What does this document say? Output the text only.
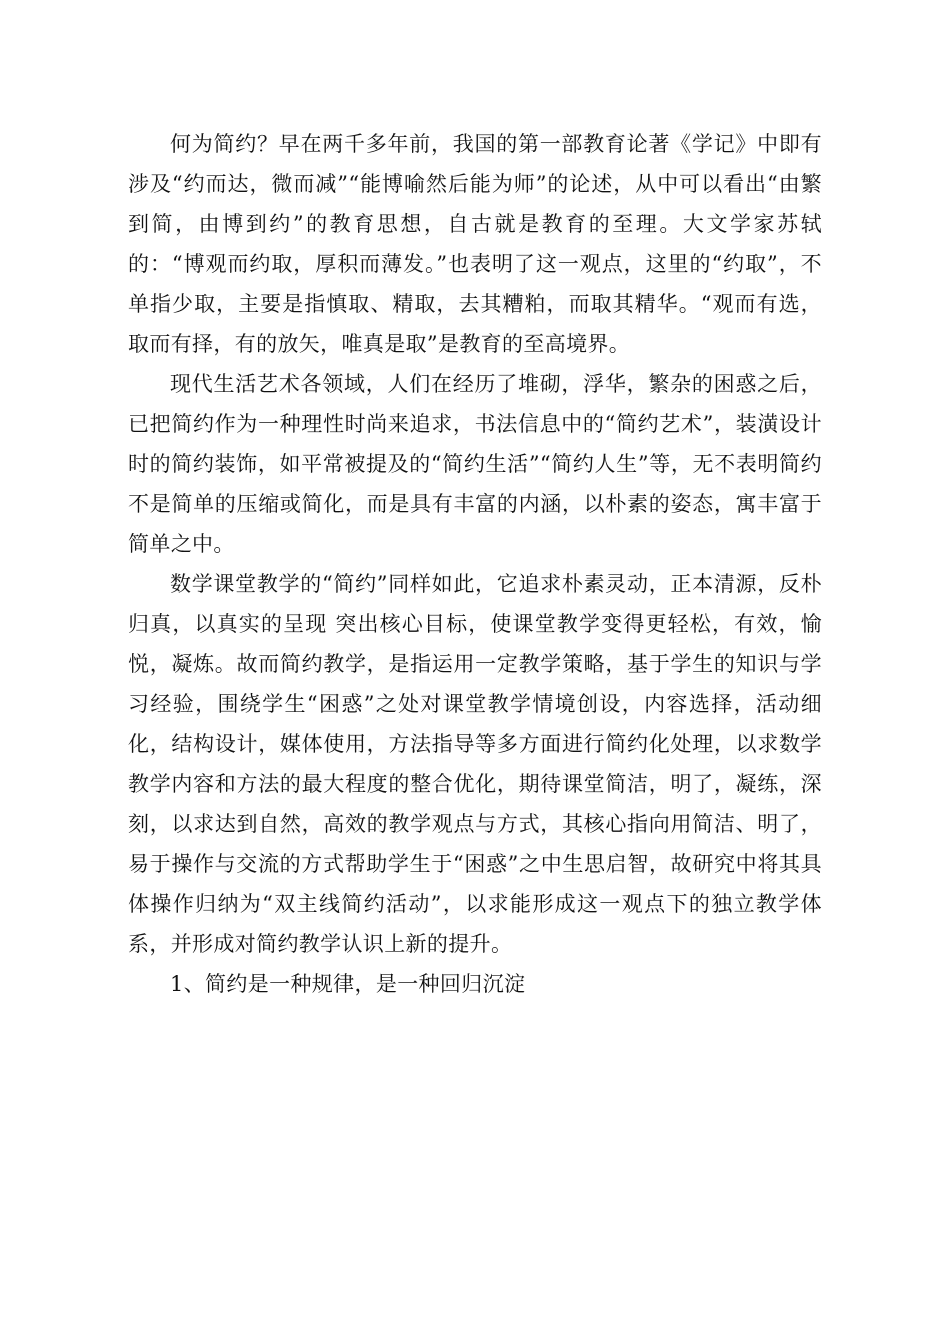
何为简约？早在两千多年前，我国的第一部教育论著《学记》中即有涉及“约而达，微而减”“能博喻然后能为师”的论述，从中可以看出“由繁到简，由博到约”的教育思想，自古就是教育的至理。大文学家苏轼的：“博观而约取，厚积而薄发。”也表明了这一观点，这里的“约取”，不单指少取，主要是指慎取、精取，去其糟粕，而取其精华。“观而有选，取而有择，有的放矢，唯真是取”是教育的至高境界。

现代生活艺术各领域，人们在经历了堆砌，浮华，繁杂的困惑之后，已把简约作为一种理性时尚来追求，书法信息中的“简约艺术”，装潢设计时的简约装饰，如平常被提及的“简约生活”“简约人生”等，无不表明简约不是简单的压缩或简化，而是具有丰富的内涵，以朴素的姿态，寓丰富于简单之中。

数学课堂教学的“简约”同样如此，它追求朴素灵动，正本清源，反朴归真，以真实的呈现 突出核心目标，使课堂教学变得更轻松，有效，愉悦，凝炼。故而简约教学，是指运用一定教学策略，基于学生的知识与学习经验，围绕学生“困惑”之处对课堂教学情境创设，内容选择，活动细化，结构设计，媒体使用，方法指导等多方面进行简约化处理，以求数学教学内容和方法的最大程度的整合优化，期待课堂简洁，明了，凝练，深刻，以求达到自然，高效的教学观点与方式，其核心指向用简洁、明了，易于操作与交流的方式帮助学生于“困惑”之中生思启智，故研究中将其具体操作归纳为“双主线简约活动”，以求能形成这一观点下的独立教学体系，并形成对简约教学认识上新的提升。

1、简约是一种规律，是一种回归沉淀
